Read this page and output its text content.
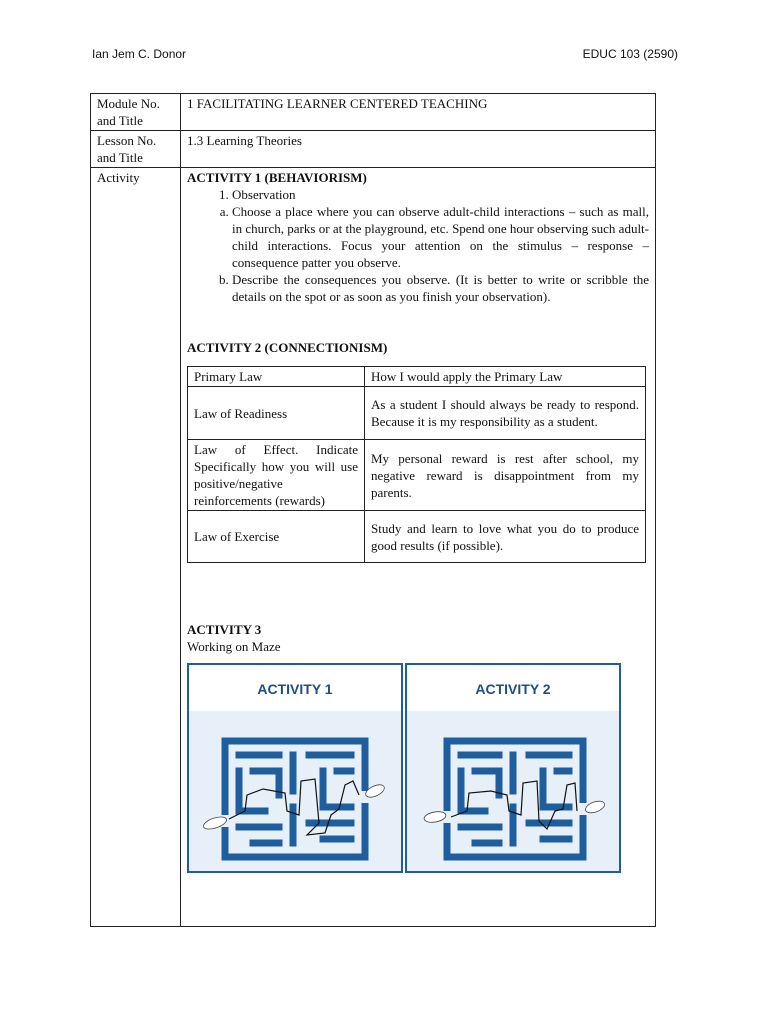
Ian Jem C. Donor	EDUC 103 (2590)
Module No. and Title	1 FACILITATING LEARNER CENTERED TEACHING
Lesson No. and Title	1.3 Learning Theories
Activity	ACTIVITY 1 (BEHAVIORISM)
1. Observation
a. Choose a place where you can observe adult-child interactions – such as mall, in church, parks or at the playground, etc. Spend one hour observing such adult-child interactions. Focus your attention on the stimulus – response – consequence patter you observe.
b. Describe the consequences you observe. (It is better to write or scribble the details on the spot or as soon as you finish your observation).
ACTIVITY 2 (CONNECTIONISM)
Primary Law	How I would apply the Primary Law
Law of Readiness	As a student I should always be ready to respond. Because it is my responsibility as a student.
Law of Effect. Indicate Specifically how you will use positive/negative reinforcements (rewards)	My personal reward is rest after school, my negative reward is disappointment from my parents.
Law of Exercise	Study and learn to love what you do to produce good results (if possible).
ACTIVITY 3
Working on Maze
ACTIVITY 1	ACTIVITY 2
